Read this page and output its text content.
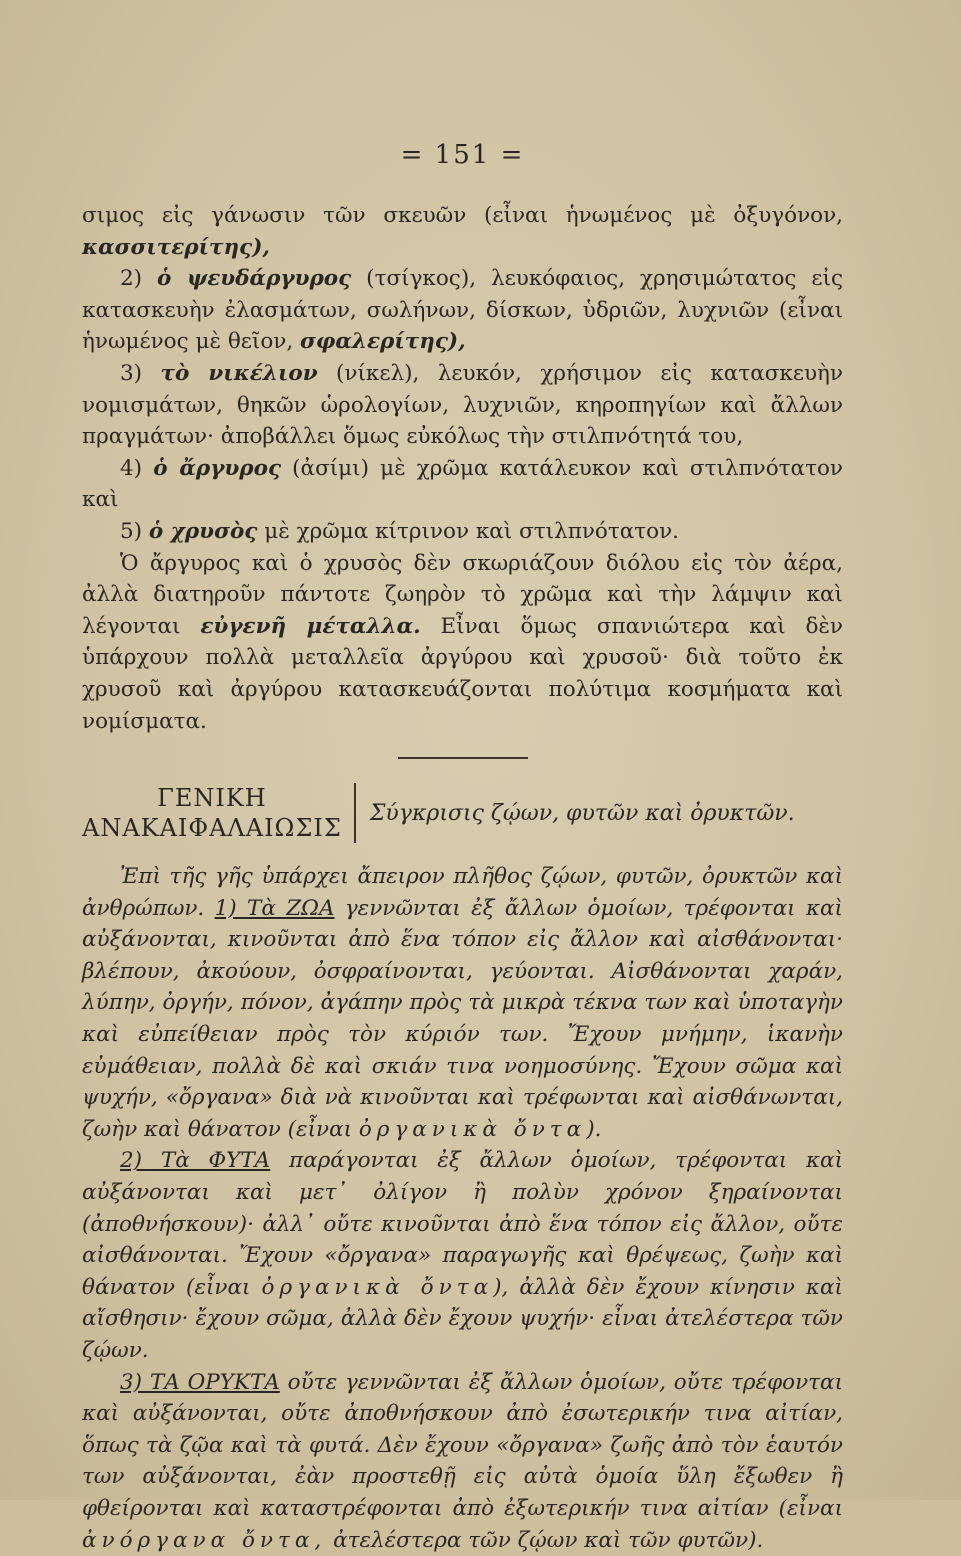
= 151 =

σιμος εἰς γάνωσιν τῶν σκευῶν (εἶναι ἡνωμένος μὲ ὀξυγόνον, κασσιτερίτης),

2) ὁ ψευδάργυρος (τσίγκος), λευκόφαιος, χρησιμώτατος εἰς κατασκευὴν ἐλασμάτων, σωλήνων, δίσκων, ὑδριῶν, λυχνιῶν (εἶναι ἡνωμένος μὲ θεῖον, σφαλερίτης),

3) τὸ νικέλιον (νίκελ), λευκόν, χρήσιμον εἰς κατασκευὴν νομισμάτων, θηκῶν ὡρολογίων, λυχνιῶν, κηροπηγίων καὶ ἄλλων πραγμάτων· ἀποβάλλει ὅμως εὐκόλως τὴν στιλπνότητά του,

4) ὁ ἄργυρος (ἀσίμι) μὲ χρῶμα κατάλευκον καὶ στιλπνότατον καὶ

5) ὁ χρυσὸς μὲ χρῶμα κίτρινον καὶ στιλπνότατον.

Ὁ ἄργυρος καὶ ὁ χρυσὸς δὲν σκωριάζουν διόλου εἰς τὸν ἀέρα, ἀλλὰ διατηροῦν πάντοτε ζωηρὸν τὸ χρῶμα καὶ τὴν λάμψιν καὶ λέγονται εὐγενῆ μέταλλα. Εἶναι ὅμως σπανιώτερα καὶ δὲν ὑπάρχουν πολλὰ μεταλλεῖα ἀργύρου καὶ χρυσοῦ· διὰ τοῦτο ἐκ χρυσοῦ καὶ ἀργύρου κατασκευάζονται πολύτιμα κοσμήματα καὶ νομίσματα.

ΓΕΝΙΚΗ
ΑΝΑΚΑΙΦΑΛΑΙΩΣΙΣ
Σύγκρισις ζῴων, φυτῶν καὶ ὀρυκτῶν.

Ἐπὶ τῆς γῆς ὑπάρχει ἄπειρον πλῆθος ζῴων, φυτῶν, ὀρυκτῶν καὶ ἀνθρώπων. 1) Τὰ ΖΩΑ γεννῶνται ἐξ ἄλλων ὁμοίων, τρέφονται καὶ αὐξάνονται, κινοῦνται ἀπὸ ἕνα τόπον εἰς ἄλλον καὶ αἰσθάνονται· βλέπουν, ἀκούουν, ὀσφραίνονται, γεύονται. Αἰσθάνονται χαράν, λύπην, ὀργήν, πόνον, ἀγάπην πρὸς τὰ μικρὰ τέκνα των καὶ ὑποταγὴν καὶ εὐπείθειαν πρὸς τὸν κύριόν των. Ἔχουν μνήμην, ἱκανὴν εὐμάθειαν, πολλὰ δὲ καὶ σκιάν τινα νοημοσύνης. Ἔχουν σῶμα καὶ ψυχήν, «ὄργανα» διὰ νὰ κινοῦνται καὶ τρέφωνται καὶ αἰσθάνωνται, ζωὴν καὶ θάνατον (εἶναι ὀργανικὰ ὄντα).

2) Τὰ ΦΥΤΑ παράγονται ἐξ ἄλλων ὁμοίων, τρέφονται καὶ αὐξάνονται καὶ μετ᾽ ὀλίγον ἢ πολὺν χρόνον ξηραίνονται (ἀποθνήσκουν)· ἀλλ᾽ οὔτε κινοῦνται ἀπὸ ἕνα τόπον εἰς ἄλλον, οὔτε αἰσθάνονται. Ἔχουν «ὄργανα» παραγωγῆς καὶ θρέψεως, ζωὴν καὶ θάνατον (εἶναι ὀργανικὰ ὄντα), ἀλλὰ δὲν ἔχουν κίνησιν καὶ αἴσθησιν· ἔχουν σῶμα, ἀλλὰ δὲν ἔχουν ψυχήν· εἶναι ἀτελέστερα τῶν ζῴων.

3) ΤΑ ΟΡΥΚΤΑ οὔτε γεννῶνται ἐξ ἄλλων ὁμοίων, οὔτε τρέφονται καὶ αὐξάνονται, οὔτε ἀποθνήσκουν ἀπὸ ἐσωτερικήν τινα αἰτίαν, ὅπως τὰ ζῷα καὶ τὰ φυτά. Δὲν ἔχουν «ὄργανα» ζωῆς ἀπὸ τὸν ἑαυτόν των αὐξάνονται, ἐὰν προστεθῇ εἰς αὐτὰ ὁμοία ὕλη ἔξωθεν ἢ φθείρονται καὶ καταστρέφονται ἀπὸ ἐξωτερικήν τινα αἰτίαν (εἶναι ἀνόργανα ὄντα, ἀτελέστερα τῶν ζῴων καὶ τῶν φυτῶν).
